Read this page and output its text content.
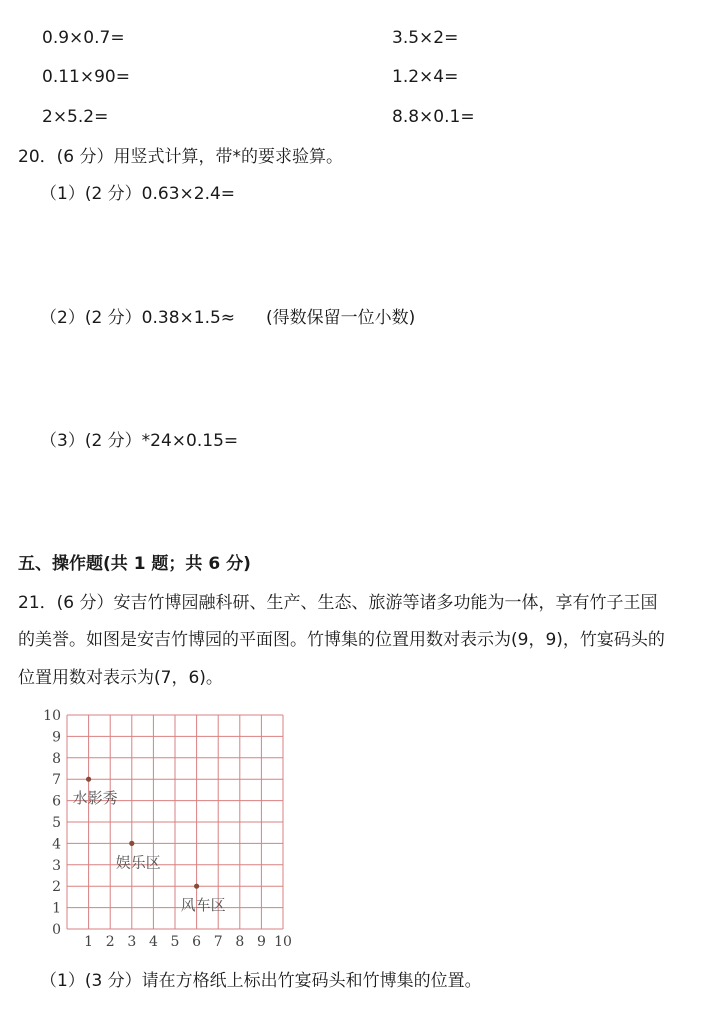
0.9×0.7=	3.5×2=
0.11×90=	1.2×4=
2×5.2=	8.8×0.1=
20．(6 分）用竖式计算，带*的要求验算。
（1）(2 分）0.63×2.4=
（2）(2 分）0.38×1.5≈ (得数保留一位小数)
（3）(2 分）*24×0.15=
五、操作题(共 1 题；共 6 分)
21．(6 分）安吉竹博园融科研、生产、生态、旅游等诸多功能为一体，享有竹子王国
的美誉。如图是安吉竹博园的平面图。竹博集的位置用数对表示为(9，9)，竹宴码头的
位置用数对表示为(7，6)。
1 2 3 4 5 6 7 8 9 10
1
2
3
4
5
6
7
8
9
10
0
水影秀
娱乐区
风车区
（1）(3 分）请在方格纸上标出竹宴码头和竹博集的位置。
